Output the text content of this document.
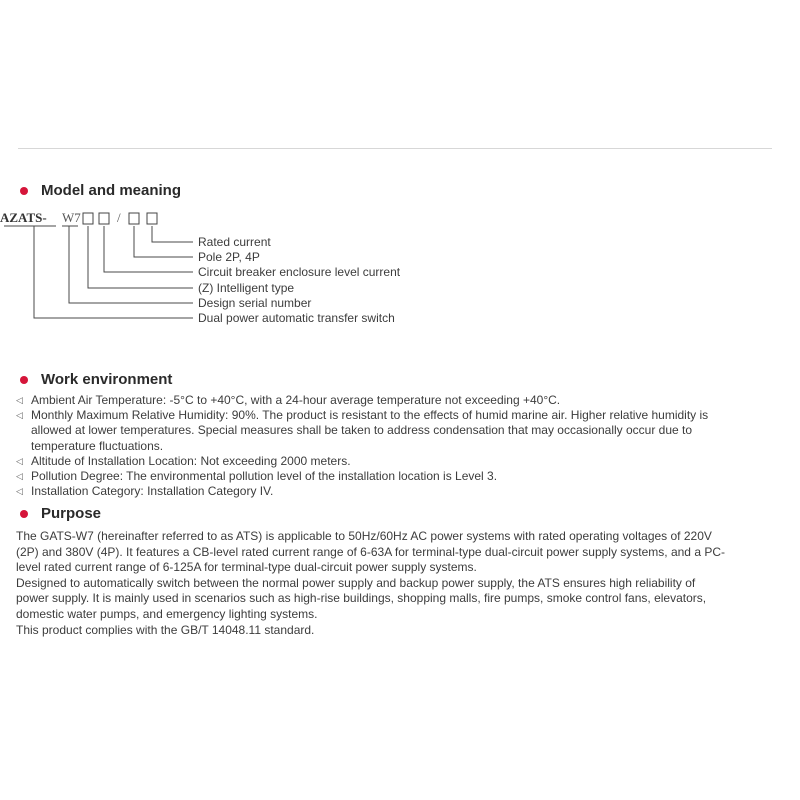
Model and meaning
AZATS- W7	/
Rated current
Pole 2P, 4P
Circuit breaker enclosure level current
(Z) Intelligent type
Design serial number
Dual power automatic transfer switch
Work environment
◁ Ambient Air Temperature: -5°C to +40°C, with a 24-hour average temperature not exceeding +40°C.
◁ Monthly Maximum Relative Humidity: 90%. The product is resistant to the effects of humid marine air. Higher relative humidity is allowed at lower temperatures. Special measures shall be taken to address condensation that may occasionally occur due to temperature fluctuations.
◁ Altitude of Installation Location: Not exceeding 2000 meters.
◁ Pollution Degree: The environmental pollution level of the installation location is Level 3.
◁ Installation Category: Installation Category IV.
Purpose

The GATS-W7 (hereinafter referred to as ATS) is applicable to 50Hz/60Hz AC power systems with rated operating voltages of 220V (2P) and 380V (4P). It features a CB-level rated current range of 6-63A for terminal-type dual-circuit power supply systems, and a PC-level rated current range of 6-125A for terminal-type dual-circuit power supply systems.

Designed to automatically switch between the normal power supply and backup power supply, the ATS ensures high reliability of power supply. It is mainly used in scenarios such as high-rise buildings, shopping malls, fire pumps, smoke control fans, elevators, domestic water pumps, and emergency lighting systems.

This product complies with the GB/T 14048.11 standard.
